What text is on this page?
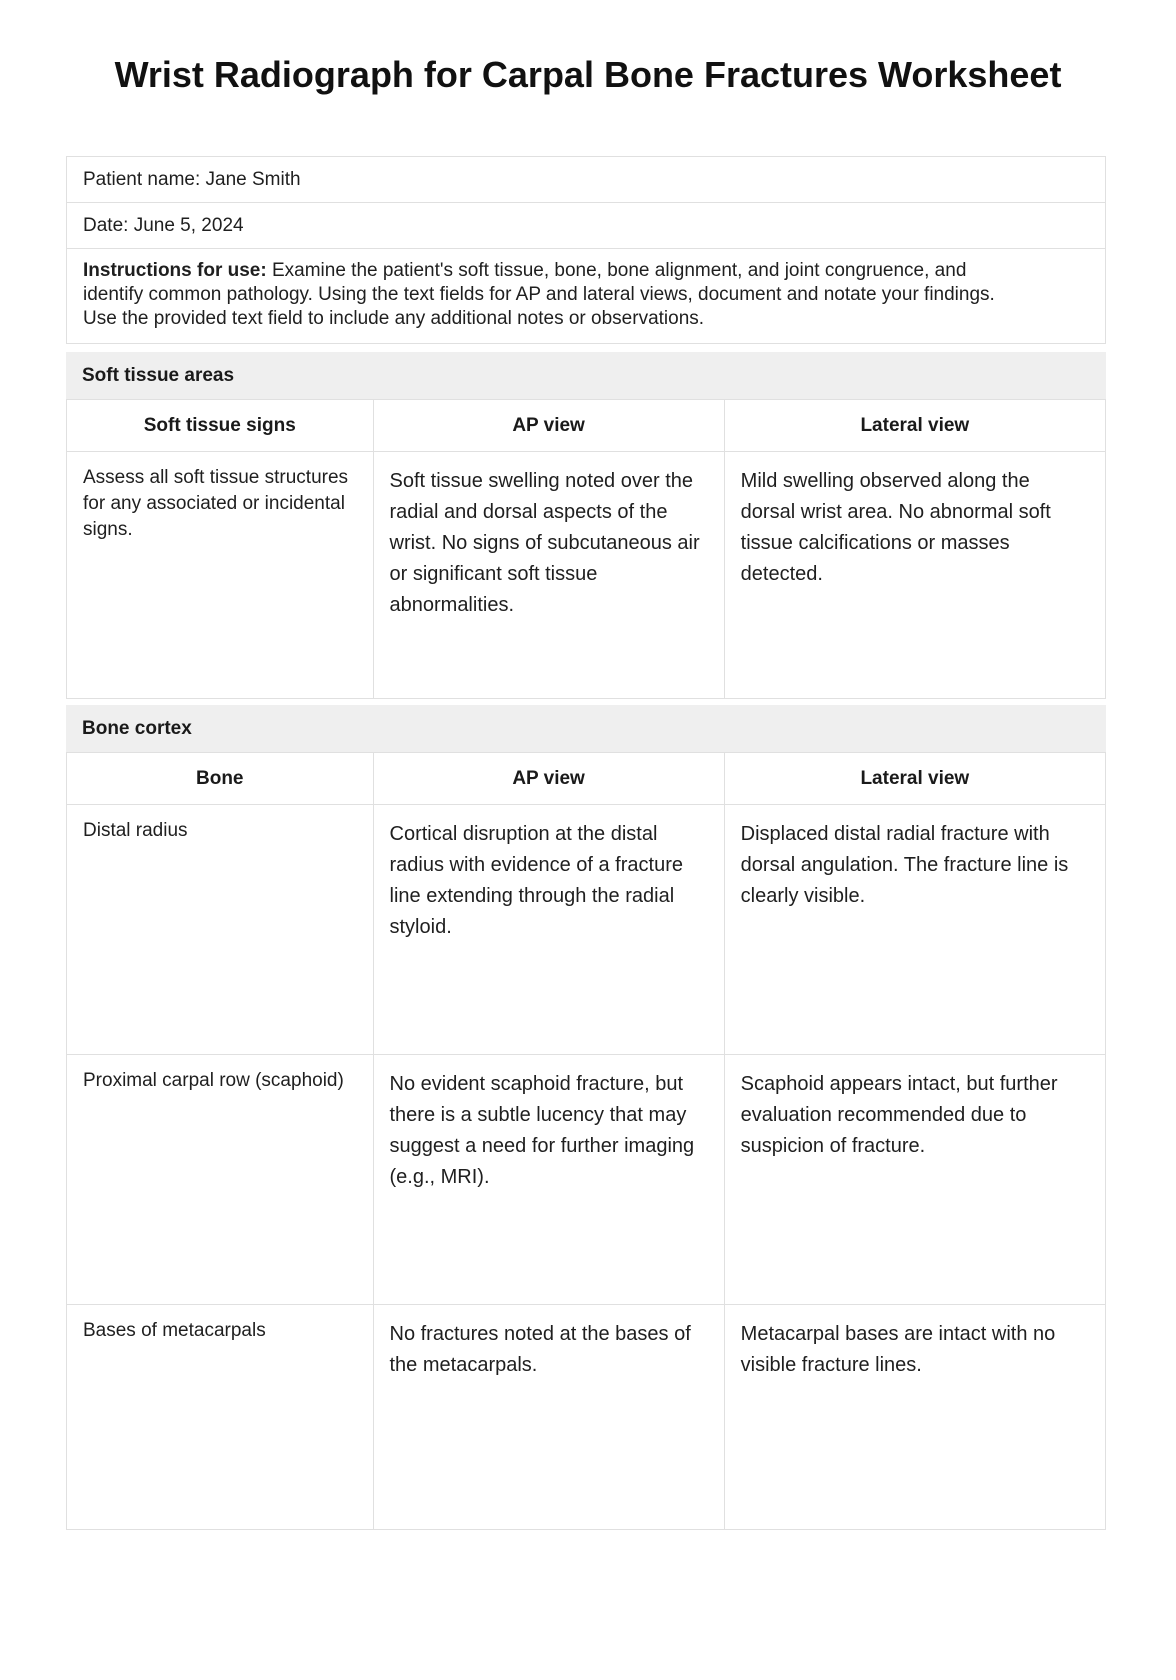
Wrist Radiograph for Carpal Bone Fractures Worksheet
Patient name: Jane Smith
Date: June 5, 2024

Instructions for use: Examine the patient's soft tissue, bone, bone alignment, and joint congruence, and identify common pathology. Using the text fields for AP and lateral views, document and notate your findings. Use the provided text field to include any additional notes or observations.

Soft tissue areas
Soft tissue signs	AP view	Lateral view
Assess all soft tissue structures for any associated or incidental signs.	Soft tissue swelling noted over the radial and dorsal aspects of the wrist. No signs of subcutaneous air or significant soft tissue abnormalities.	Mild swelling observed along the dorsal wrist area. No abnormal soft tissue calcifications or masses detected.
Bone cortex
Bone	AP view	Lateral view
Distal radius	Cortical disruption at the distal radius with evidence of a fracture line extending through the radial styloid.	Displaced distal radial fracture with dorsal angulation. The fracture line is clearly visible.
Proximal carpal row (scaphoid)	No evident scaphoid fracture, but there is a subtle lucency that may suggest a need for further imaging (e.g., MRI).	Scaphoid appears intact, but further evaluation recommended due to suspicion of fracture.
Bases of metacarpals	No fractures noted at the bases of the metacarpals.	Metacarpal bases are intact with no visible fracture lines.
